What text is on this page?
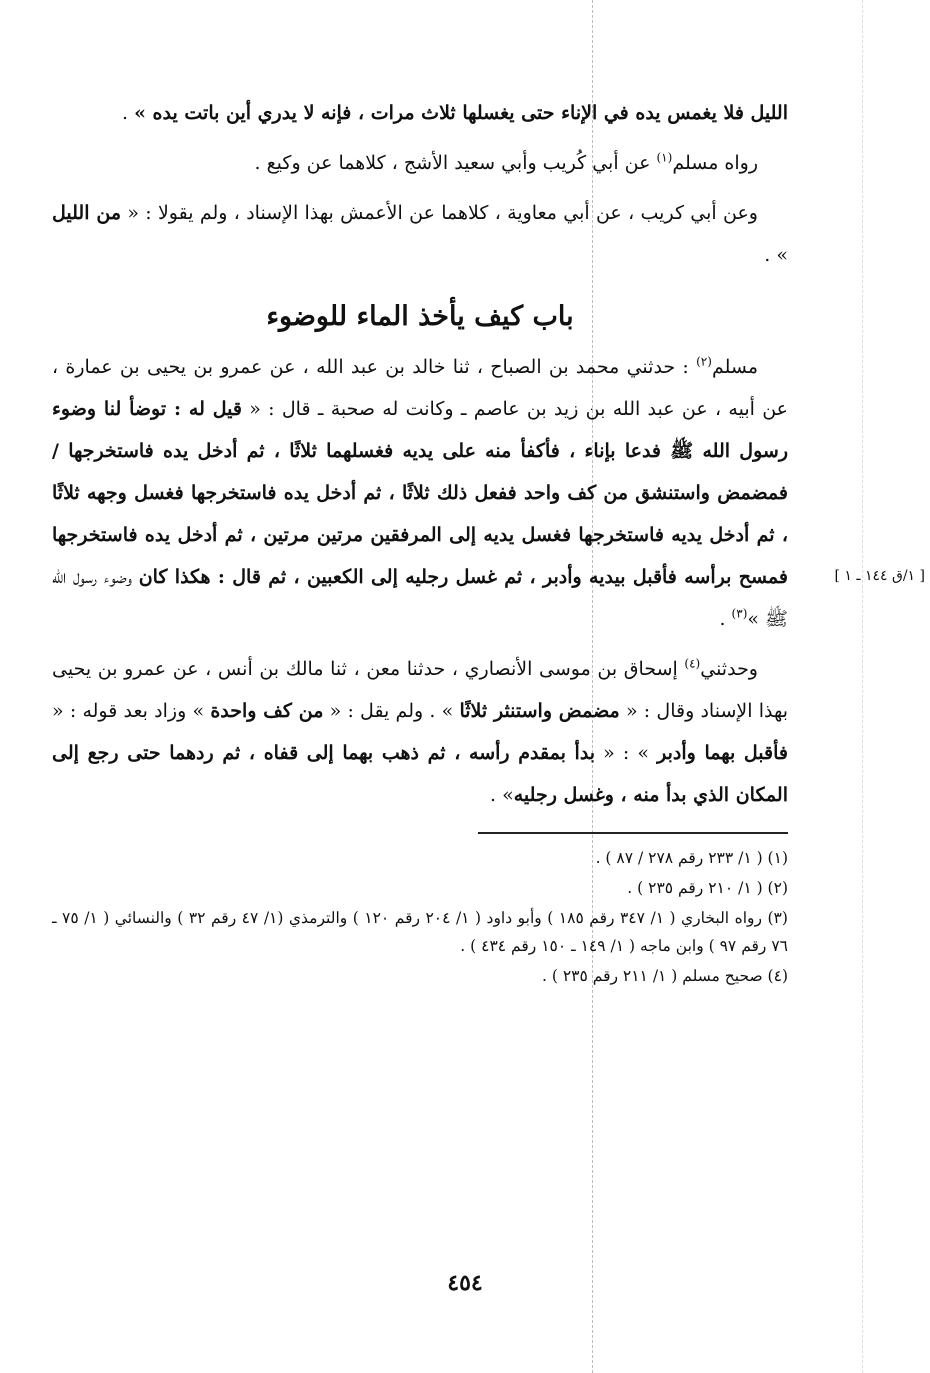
الليل فلا يغمس يده في الإناء حتى يغسلها ثلاث مرات ، فإنه لا يدري أين باتت يده » .

رواه مسلم$^{(١)}$ عن أبي كُريب وأبي سعيد الأشج ، كلاهما عن وكيع .

وعن أبي كريب ، عن أبي معاوية ، كلاهما عن الأعمش بهذا الإسناد ، ولم يقولا : « من الليل » .

باب كيف يأخذ الماء للوضوء

مسلم$^{(٢)}$ : حدثني محمد بن الصباح ، ثنا خالد بن عبد الله ، عن عمرو بن يحيى بن عمارة ، عن أبيه ، عن عبد الله بن زيد بن عاصم ـ وكانت له صحبة ـ قال : « قيل له : توضأ لنا وضوء رسول الله ﷺ فدعا بإناء ، فأكفأ منه على يديه فغسلهما ثلاثًا ، ثم أدخل يده فاستخرجها / فمضمض واستنشق من كف واحد ففعل ذلك ثلاثًا ، ثم أدخل يده فاستخرجها فغسل وجهه ثلاثًا ، ثم أدخل يديه فاستخرجها فغسل يديه إلى المرفقين مرتين مرتين ، ثم أدخل يده فاستخرجها فمسح برأسه فأقبل بيديه وأدبر ، ثم غسل رجليه إلى الكعبين ، ثم قال : هكذا كان وضوء رسول الله ﷺ »$^{(٣)}$ .

وحدثني$^{(٤)}$ إسحاق بن موسى الأنصاري ، حدثنا معن ، ثنا مالك بن أنس ، عن عمرو بن يحيى بهذا الإسناد وقال : « مضمض واستنثر ثلاثًا » . ولم يقل : « من كف واحدة » وزاد بعد قوله : « فأقبل بهما وأدبر » : « بدأ بمقدم رأسه ، ثم ذهب بهما إلى قفاه ، ثم ردهما حتى رجع إلى المكان الذي بدأ منه ، وغسل رجليه» .

(١) ( ١/ ٢٣٣ رقم ٢٧٨ / ٨٧ ) .

(٢) ( ١/ ٢١٠ رقم ٢٣٥ ) .

(٣) رواه البخاري ( ١/ ٣٤٧ رقم ١٨٥ ) وأبو داود ( ١/ ٢٠٤ رقم ١٢٠ ) والترمذي (١/ ٤٧ رقم ٣٢ ) والنسائي ( ١/ ٧٥ ـ ٧٦ رقم ٩٧ ) وابن ماجه ( ١/ ١٤٩ ـ ١٥٠ رقم ٤٣٤ ) .

(٤) صحيح مسلم ( ١/ ٢١١ رقم ٢٣٥ ) .

[ ١/ق ١٤٤ ـ ١ ]
٤٥٤
